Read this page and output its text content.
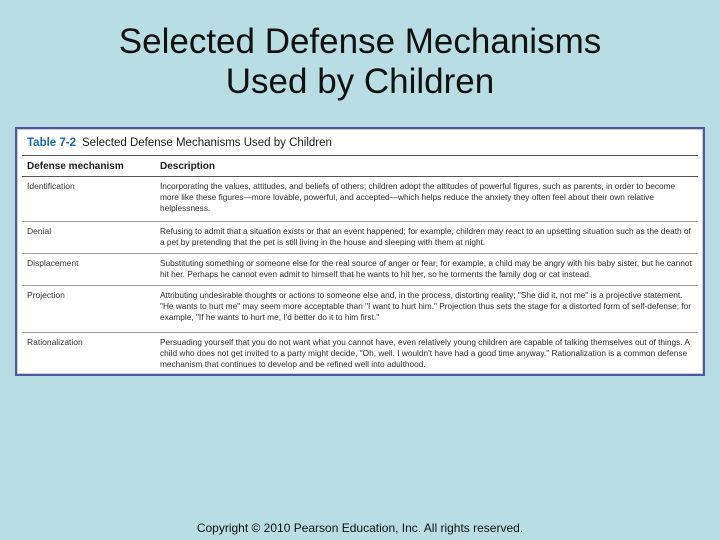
Selected Defense Mechanisms
Used by Children
Table 7-2 Selected Defense Mechanisms Used by Children
Defense mechanism	Description
Identification	Incorporating the values, attitudes, and beliefs of others; children adopt the attitudes of powerful figures, such as parents, in order to become more like these figures—more lovable, powerful, and accepted—which helps reduce the anxiety they often feel about their own relative helplessness.
Denial	Refusing to admit that a situation exists or that an event happened; for example, children may react to an upsetting situation such as the death of a pet by pretending that the pet is still living in the house and sleeping with them at night.
Displacement	Substituting something or someone else for the real source of anger or fear; for example, a child may be angry with his baby sister, but he cannot hit her. Perhaps he cannot even admit to himself that he wants to hit her, so he torments the family dog or cat instead.
Projection	Attributing undesirable thoughts or actions to someone else and, in the process, distorting reality; "She did it, not me" is a projective statement. "He wants to hurt me" may seem more acceptable than "I want to hurt him." Projection thus sets the stage for a distorted form of self-defense; for example, "If he wants to hurt me, I'd better do it to him first."
Rationalization	Persuading yourself that you do not want what you cannot have, even relatively young children are capable of talking themselves out of things. A child who does not get invited to a party might decide, "Oh, well. I wouldn't have had a good time anyway." Rationalization is a common defense mechanism that continues to develop and be refined well into adulthood.
Copyright © 2010 Pearson Education, Inc. All rights reserved.
